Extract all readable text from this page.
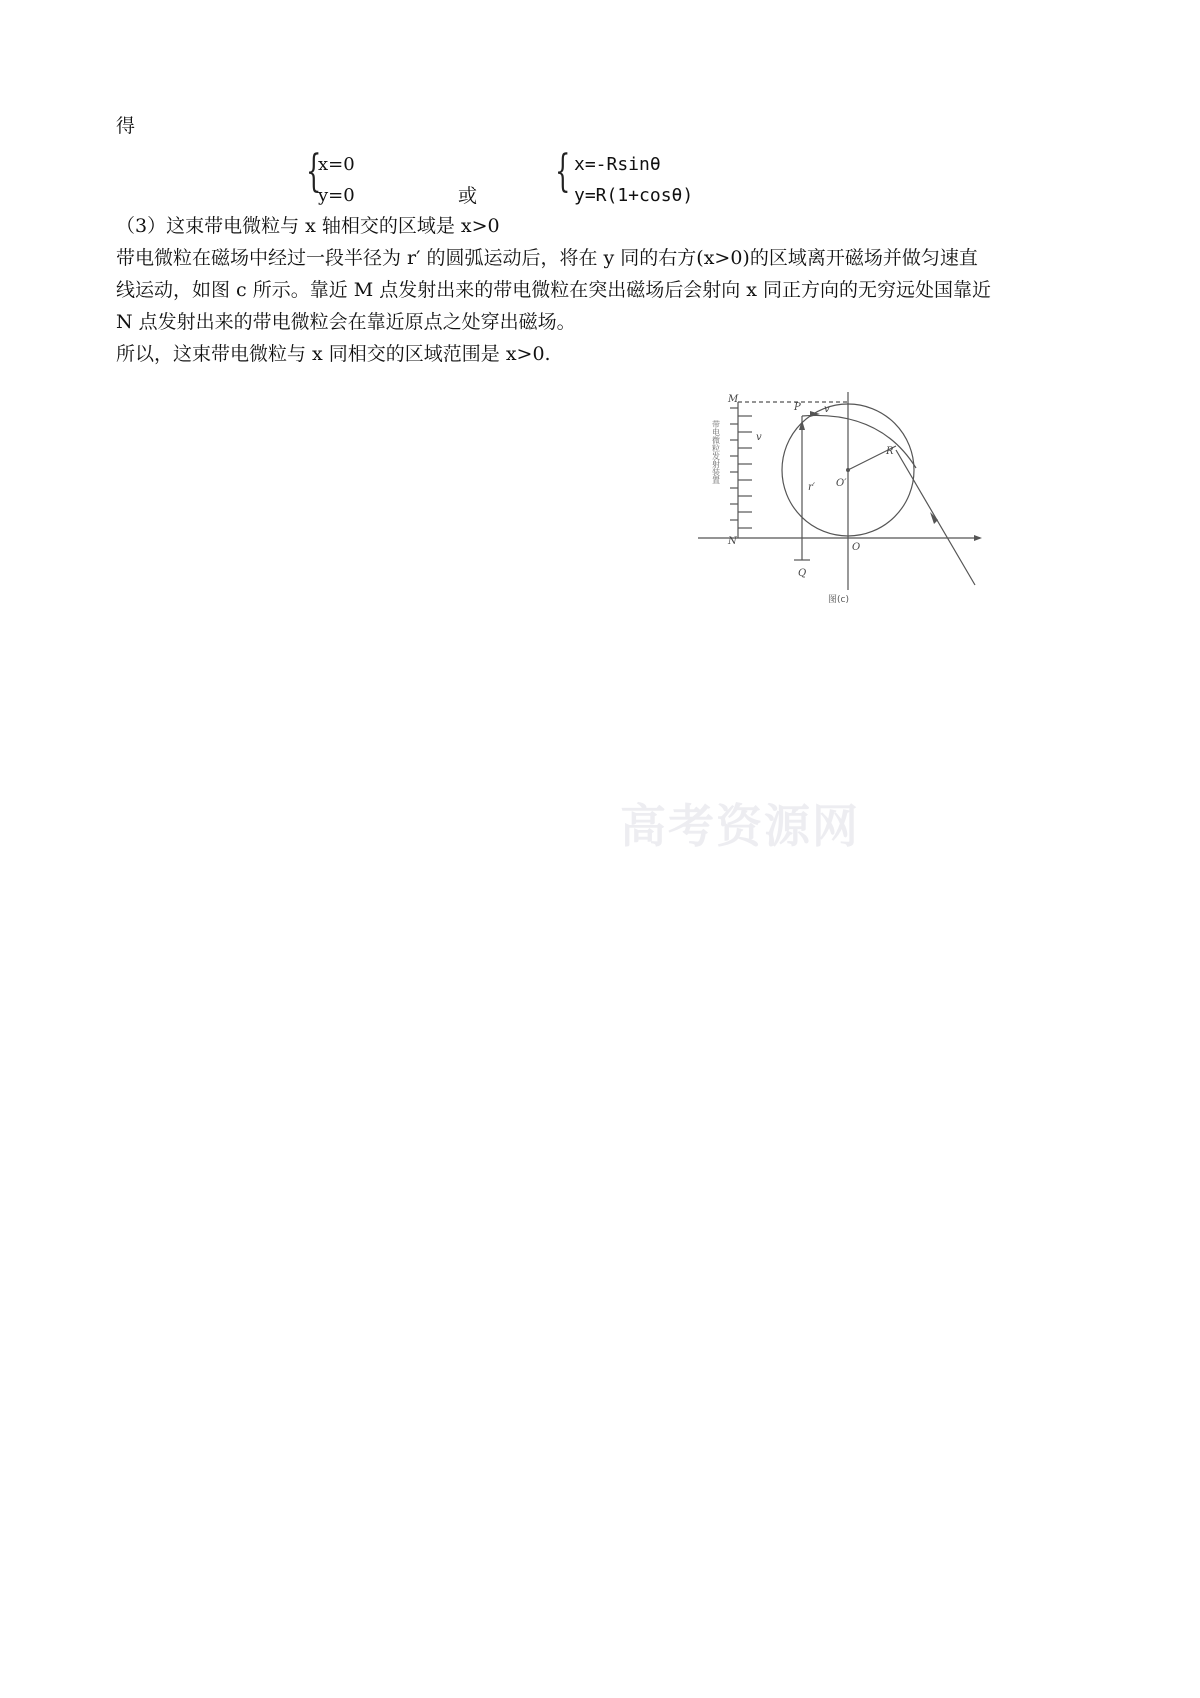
得
{
x=0
y=0	或 { x=-Rsinθ
y=R(1+cosθ)
（3）这束带电微粒与 x 轴相交的区域是 x>0
带电微粒在磁场中经过一段半径为 r′ 的圆弧运动后，将在 y 同的右方(x>0)的区域离开磁场并做匀速直
线运动，如图 c 所示。靠近 M 点发射出来的带电微粒在突出磁场后会射向 x 同正方向的无穷远处国靠近
N 点发射出来的带电微粒会在靠近原点之处穿出磁场。
所以，这束带电微粒与 x 同相交的区域范围是 x>0.
M
N
P v
R
O′
O
Q
r′
v
带电微粒发射装置
图(c)
高考资源网
